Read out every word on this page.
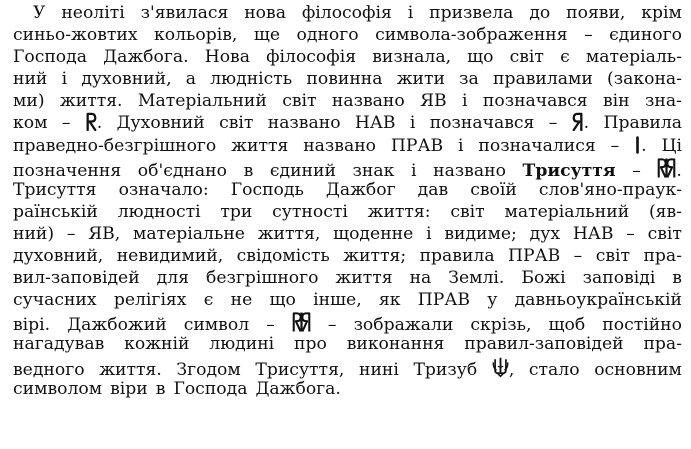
У неоліті з'явилася нова філософія і призвела до появи, крім
синьо-жовтих кольорів, ще одного символа-зображення – єдиного
Господа Дажбога. Нова філософія визнала, що світ є матеріаль-
ний і духовний, а людність повинна жити за правилами (закона-
ми) життя. Матеріальний світ названо ЯВ і позначався він зна-
ком –	. Духовний світ названо НАВ і позначався –	. Правила
праведно-безгрішного життя названо ПРАВ і позначалися –	. Ці
позначення об'єднано в єдиний знак і названо Трисуття –	.
Трисуття означало: Господь Дажбог дав своїй слов'яно-прауκ-
раїнській людності три сутності життя: світ матеріальний (яв-
ний) – ЯВ, матеріальне життя, щоденне і видиме; дух НАВ – світ
духовний, невидимий, свідомість життя; правила ПРАВ – світ пра-
вил-заповідей для безгрішного життя на Землі. Божі заповіді в
сучасних релігіях є не що інше, як ПРАВ у давньоукраїнській
вірі. Дажбожий символ –	– зображали скрізь, щоб постійно
нагадував кожній людині про виконання правил-заповідей пра-
ведного життя. Згодом Трисуття, нині Тризуб	, стало основним
символом віри в Господа Дажбога.
